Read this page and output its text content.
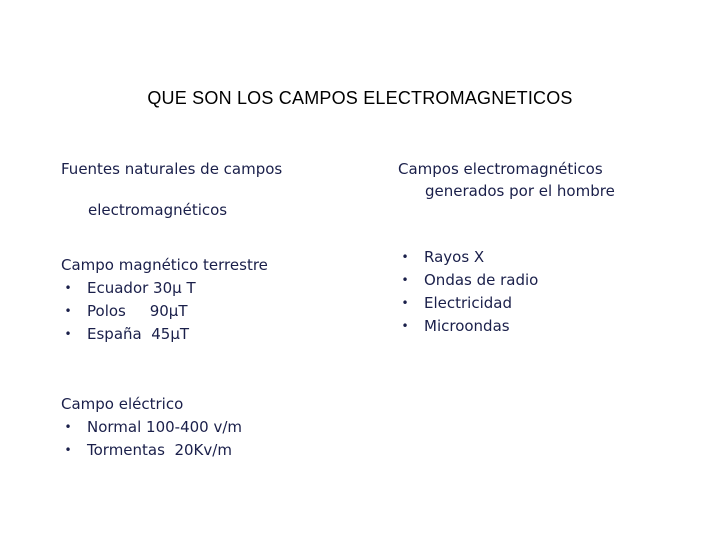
QUE SON LOS CAMPOS ELECTROMAGNETICOS
Fuentes naturales de campos
electromagnéticos
Campo magnético terrestre
• Ecuador 30µ T
• Polos     90µT
• España  45µT
Campo eléctrico
• Normal 100-400 v/m
• Tormentas  20Kv/m
Campos electromagnéticos
generados por el hombre
• Rayos X
• Ondas de radio
• Electricidad
• Microondas
